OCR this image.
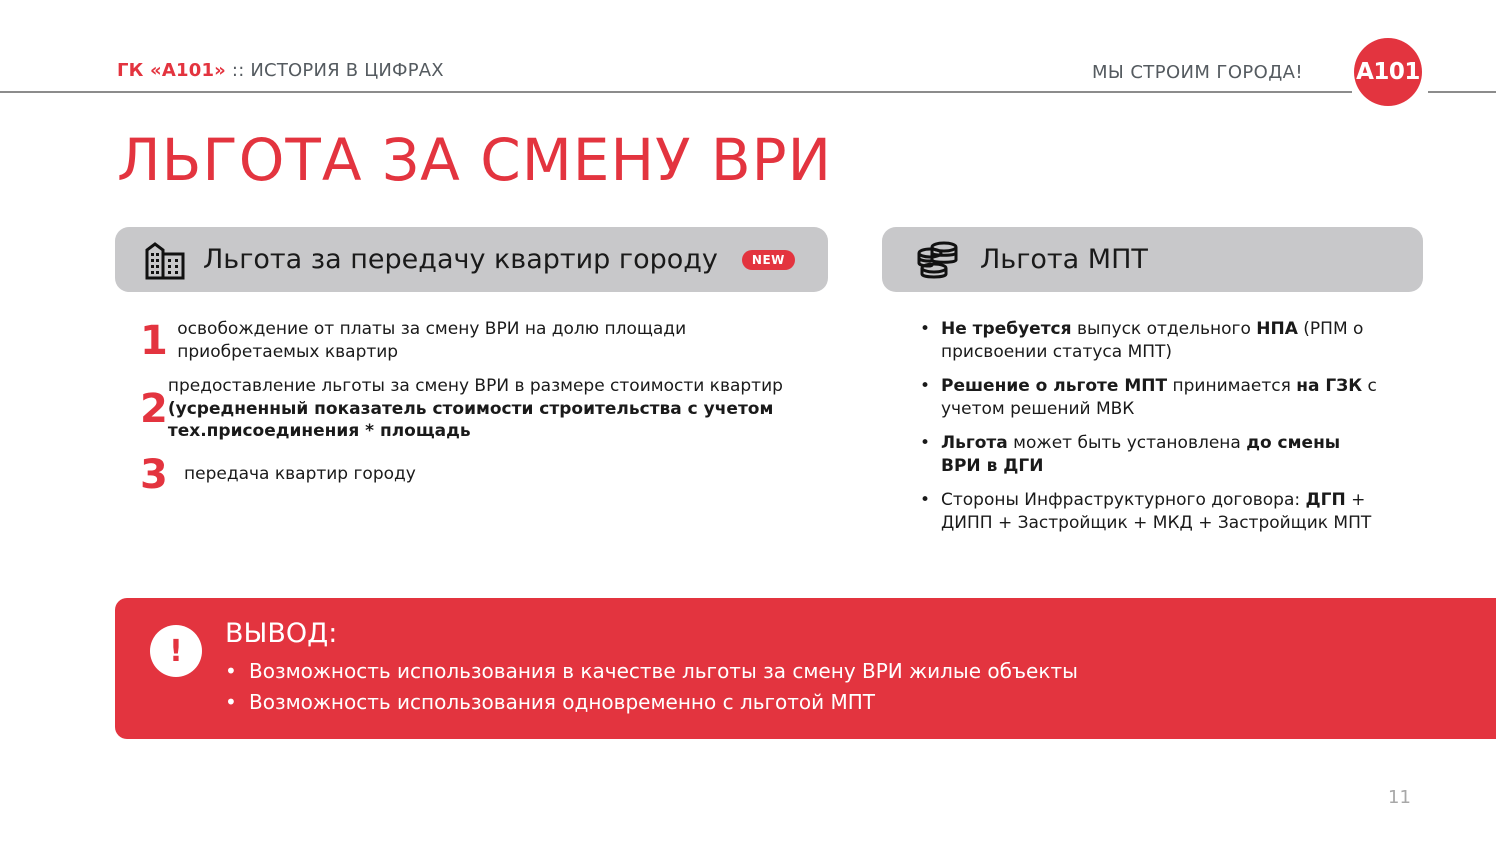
ГК «А101» :: ИСТОРИЯ В ЦИФРАХ	МЫ СТРОИМ ГОРОДА! A101
ЛЬГОТА ЗА СМЕНУ ВРИ
Льгота за передачу квартир городу	NEW	Льгота МПТ
1 освобождение от платы за смену ВРИ на долю площади приобретаемых квартир
2 предоставление льготы за смену ВРИ в размере стоимости квартир (усредненный показатель стоимости строительства с учетом тех.присоединения * площадь
3 передача квартир городу
• Не требуется выпуск отдельного НПА (РПМ о присвоении статуса МПТ)
• Решение о льготе МПТ принимается на ГЗК с учетом решений МВК
• Льгота может быть установлена до смены ВРИ в ДГИ
• Стороны Инфраструктурного договора: ДГП + ДИПП + Застройщик + МКД + Застройщик МПТ
!	ВЫВОД:
• Возможность использования в качестве льготы за смену ВРИ жилые объекты
• Возможность использования одновременно с льготой МПТ
11
